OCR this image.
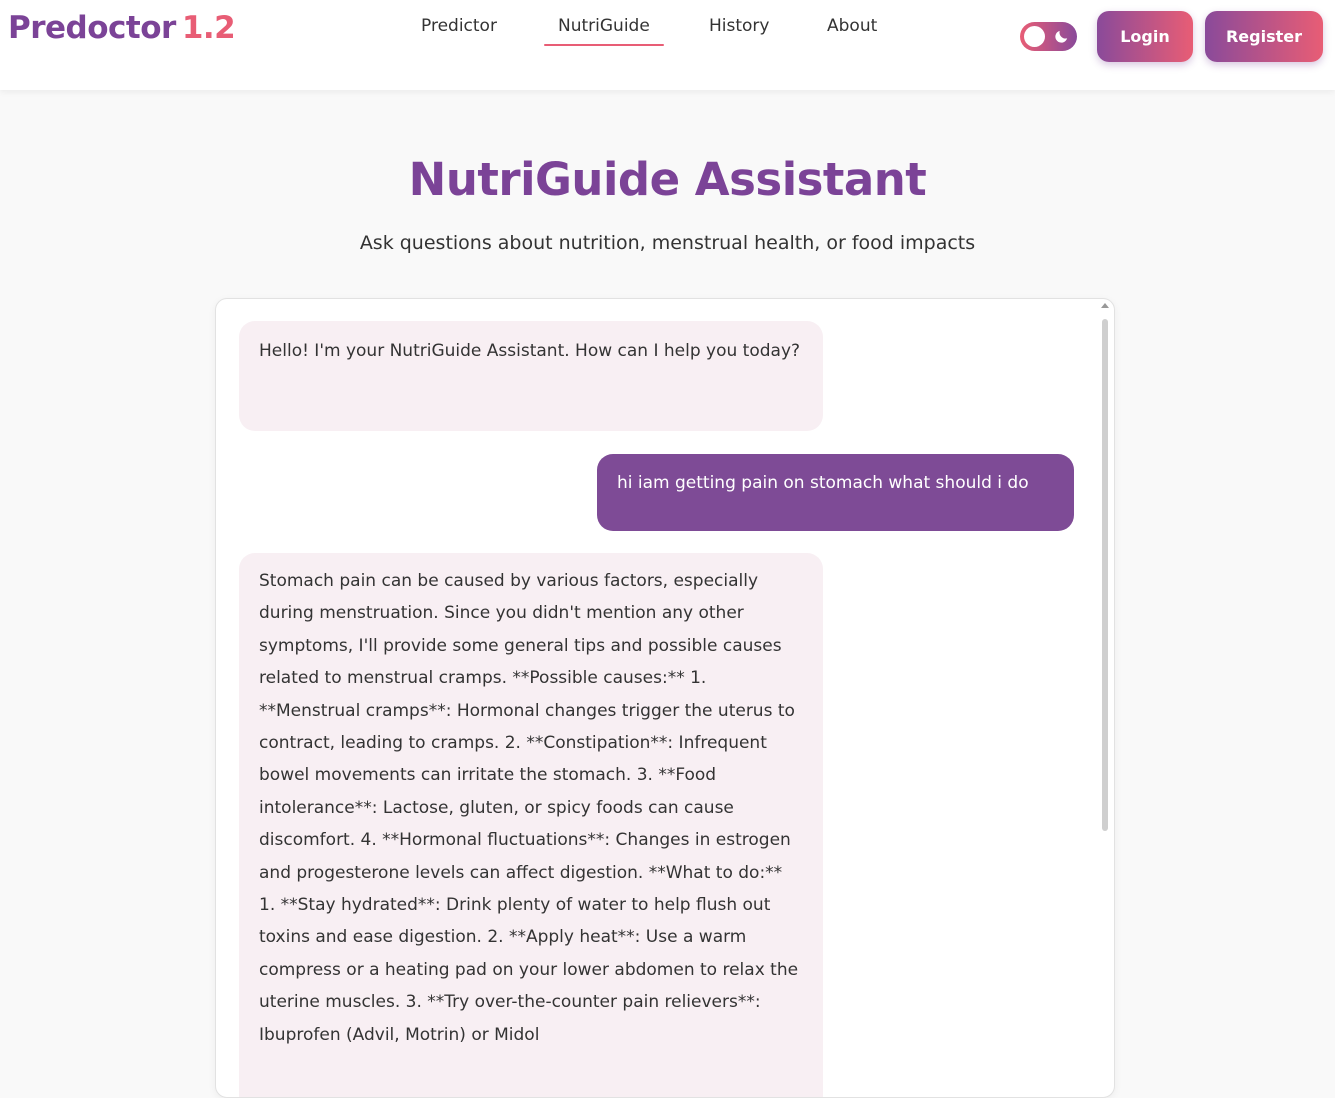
Predoctor 1.2	Predictor	NutriGuide	History	About
Login	Register
NutriGuide Assistant
Ask questions about nutrition, menstrual health, or food impacts
Hello! I'm your NutriGuide Assistant. How can I help you today?
hi iam getting pain on stomach what should i do
Stomach pain can be caused by various factors, especially during menstruation. Since you didn't mention any other symptoms, I'll provide some general tips and possible causes related to menstrual cramps. **Possible causes:** 1. **Menstrual cramps**: Hormonal changes trigger the uterus to contract, leading to cramps. 2. **Constipation**: Infrequent bowel movements can irritate the stomach. 3. **Food intolerance**: Lactose, gluten, or spicy foods can cause discomfort. 4. **Hormonal fluctuations**: Changes in estrogen and progesterone levels can affect digestion. **What to do:** 1. **Stay hydrated**: Drink plenty of water to help flush out toxins and ease digestion. 2. **Apply heat**: Use a warm compress or a heating pad on your lower abdomen to relax the uterine muscles. 3. **Try over-the-counter pain relievers**: Ibuprofen (Advil, Motrin) or Midol
